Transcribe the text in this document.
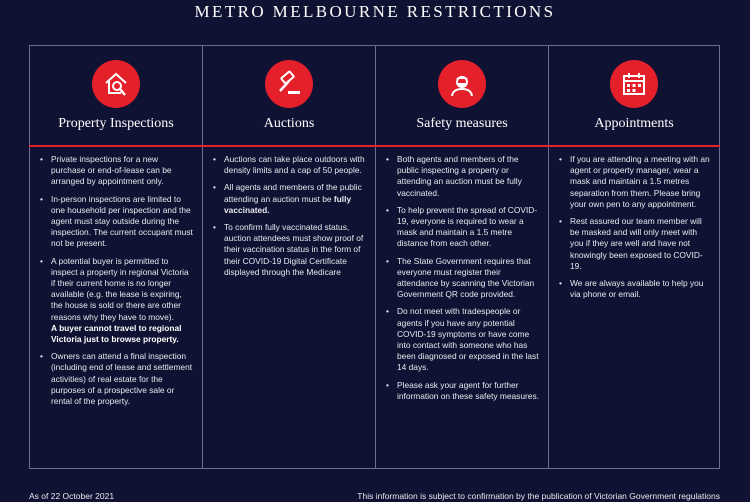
METRO MELBOURNE RESTRICTIONS
Property Inspections
• Private inspections for a new purchase or end-of-lease can be arranged by appointment only.
• In-person inspections are limited to one household per inspection and the agent must stay outside during the inspection. The current occupant must not be present.
• A potential buyer is permitted to inspect a property in regional Victoria if their current home is no longer available (e.g. the lease is expiring, the house is sold or there are other reasons why they have to move).
A buyer cannot travel to regional Victoria just to browse property.
• Owners can attend a final inspection (including end of lease and settlement activities) of real estate for the purposes of a prospective sale or rental of the property.
Auctions
• Auctions can take place outdoors with density limits and a cap of 50 people.
• All agents and members of the public attending an auction must be fully vaccinated.
• To confirm fully vaccinated status, auction attendees must show proof of their vaccination status in the form of their COVID-19 Digital Certificate displayed through the Medicare
Safety measures
• Both agents and members of the public inspecting a property or attending an auction must be fully vaccinated.
• To help prevent the spread of COVID-19, everyone is required to wear a mask and maintain a 1.5 metre distance from each other.
• The State Government requires that everyone must register their attendance by scanning the Victorian Government QR code provided.
• Do not meet with tradespeople or agents if you have any potential COVID-19 symptoms or have come into contact with someone who has been diagnosed or exposed in the last 14 days.
• Please ask your agent for further information on these safety measures.
Appointments
• If you are attending a meeting with an agent or property manager, wear a mask and maintain a 1.5 metres separation from them. Please bring your own pen to any appointment.
• Rest assured our team member will be masked and will only meet with you if they are well and have not knowingly been exposed to COVID-19.
• We are always available to help you via phone or email.
As of 22 October 2021	This information is subject to confirmation by the publication of Victorian Government regulations
